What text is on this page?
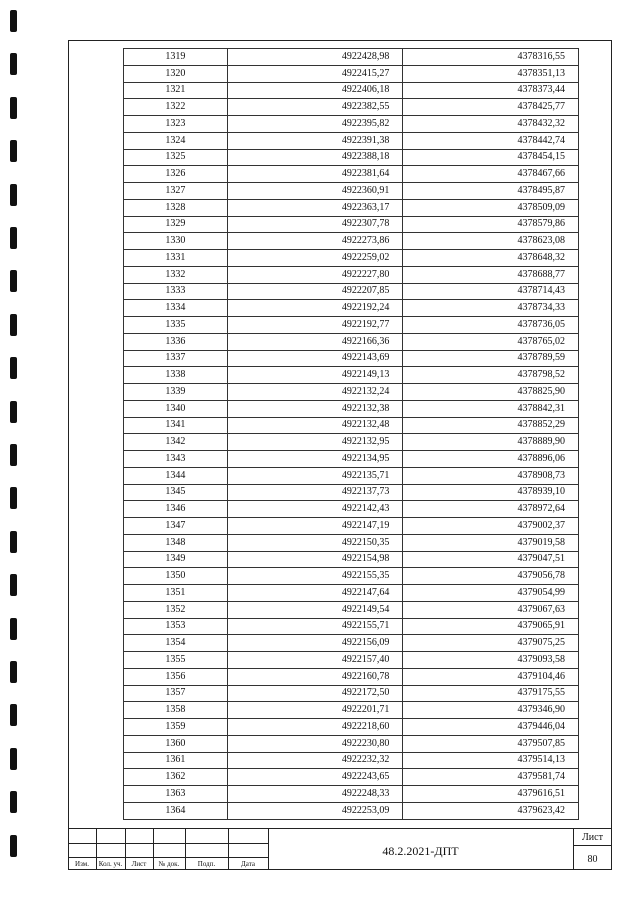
1319	4922428,98	4378316,55
1320	4922415,27	4378351,13
1321	4922406,18	4378373,44
1322	4922382,55	4378425,77
1323	4922395,82	4378432,32
1324	4922391,38	4378442,74
1325	4922388,18	4378454,15
1326	4922381,64	4378467,66
1327	4922360,91	4378495,87
1328	4922363,17	4378509,09
1329	4922307,78	4378579,86
1330	4922273,86	4378623,08
1331	4922259,02	4378648,32
1332	4922227,80	4378688,77
1333	4922207,85	4378714,43
1334	4922192,24	4378734,33
1335	4922192,77	4378736,05
1336	4922166,36	4378765,02
1337	4922143,69	4378789,59
1338	4922149,13	4378798,52
1339	4922132,24	4378825,90
1340	4922132,38	4378842,31
1341	4922132,48	4378852,29
1342	4922132,95	4378889,90
1343	4922134,95	4378896,06
1344	4922135,71	4378908,73
1345	4922137,73	4378939,10
1346	4922142,43	4378972,64
1347	4922147,19	4379002,37
1348	4922150,35	4379019,58
1349	4922154,98	4379047,51
1350	4922155,35	4379056,78
1351	4922147,64	4379054,99
1352	4922149,54	4379067,63
1353	4922155,71	4379065,91
1354	4922156,09	4379075,25
1355	4922157,40	4379093,58
1356	4922160,78	4379104,46
1357	4922172,50	4379175,55
1358	4922201,71	4379346,90
1359	4922218,60	4379446,04
1360	4922230,80	4379507,85
1361	4922232,32	4379514,13
1362	4922243,65	4379581,74
1363	4922248,33	4379616,51
1364	4922253,09	4379623,42
Изм.	Кол. уч.	Лист	№ док.	Подп.	Дата
48.2.2021-ДПТ
Лист
80
